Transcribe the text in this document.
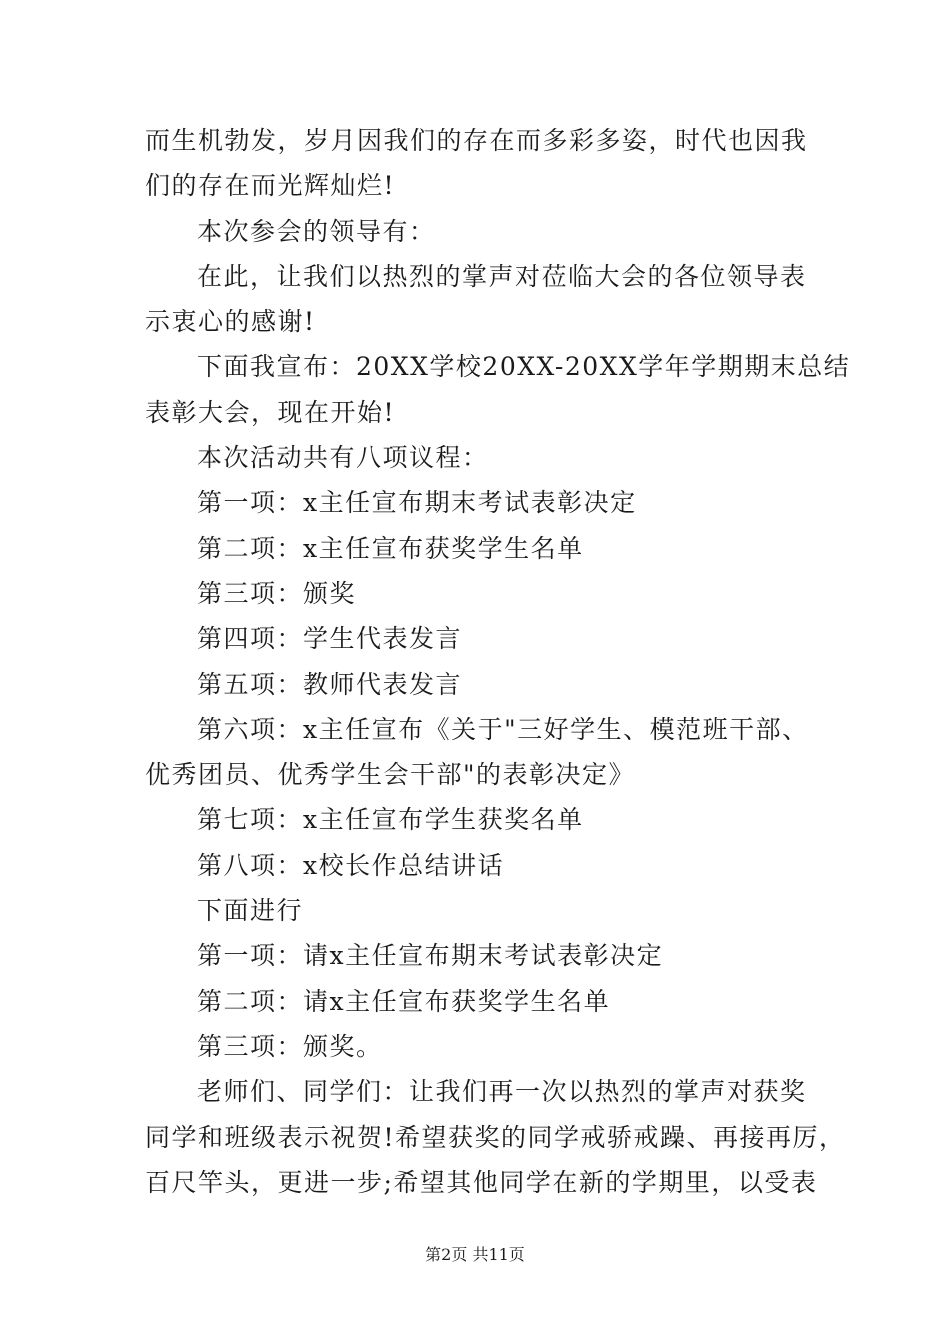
而生机勃发，岁月因我们的存在而多彩多姿，时代也因我
们的存在而光辉灿烂!
本次参会的领导有：
在此，让我们以热烈的掌声对莅临大会的各位领导表
示衷心的感谢!
下面我宣布：20XX学校20XX-20XX学年学期期末总结
表彰大会，现在开始!
本次活动共有八项议程：
第一项：x主任宣布期末考试表彰决定
第二项：x主任宣布获奖学生名单
第三项：颁奖
第四项：学生代表发言
第五项：教师代表发言
第六项：x主任宣布《关于"三好学生、模范班干部、
优秀团员、优秀学生会干部"的表彰决定》
第七项：x主任宣布学生获奖名单
第八项：x校长作总结讲话
下面进行
第一项：请x主任宣布期末考试表彰决定
第二项：请x主任宣布获奖学生名单
第三项：颁奖。
老师们、同学们：让我们再一次以热烈的掌声对获奖
同学和班级表示祝贺!希望获奖的同学戒骄戒躁、再接再厉，
百尺竿头，更进一步;希望其他同学在新的学期里，以受表
第2页 共11页
